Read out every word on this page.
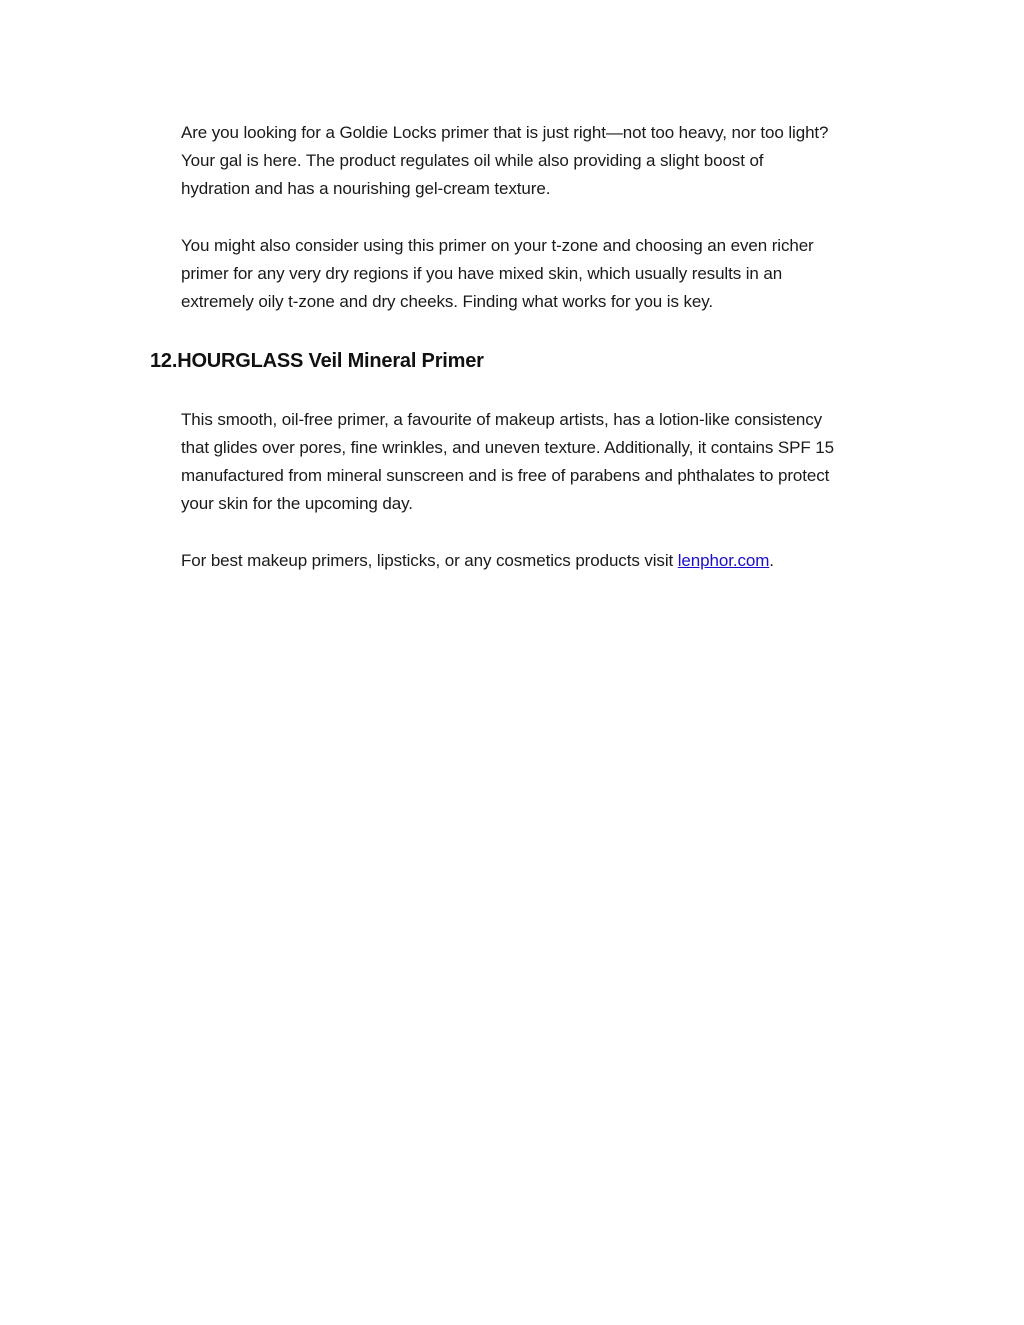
Are you looking for a Goldie Locks primer that is just right—not too heavy, nor too light?
Your gal is here. The product regulates oil while also providing a slight boost of
hydration and has a nourishing gel-cream texture.

You might also consider using this primer on your t-zone and choosing an even richer
primer for any very dry regions if you have mixed skin, which usually results in an
extremely oily t-zone and dry cheeks. Finding what works for you is key.

12.HOURGLASS Veil Mineral Primer

This smooth, oil-free primer, a favourite of makeup artists, has a lotion-like consistency
that glides over pores, fine wrinkles, and uneven texture. Additionally, it contains SPF 15
manufactured from mineral sunscreen and is free of parabens and phthalates to protect
your skin for the upcoming day.

For best makeup primers, lipsticks, or any cosmetics products visit lenphor.com.
